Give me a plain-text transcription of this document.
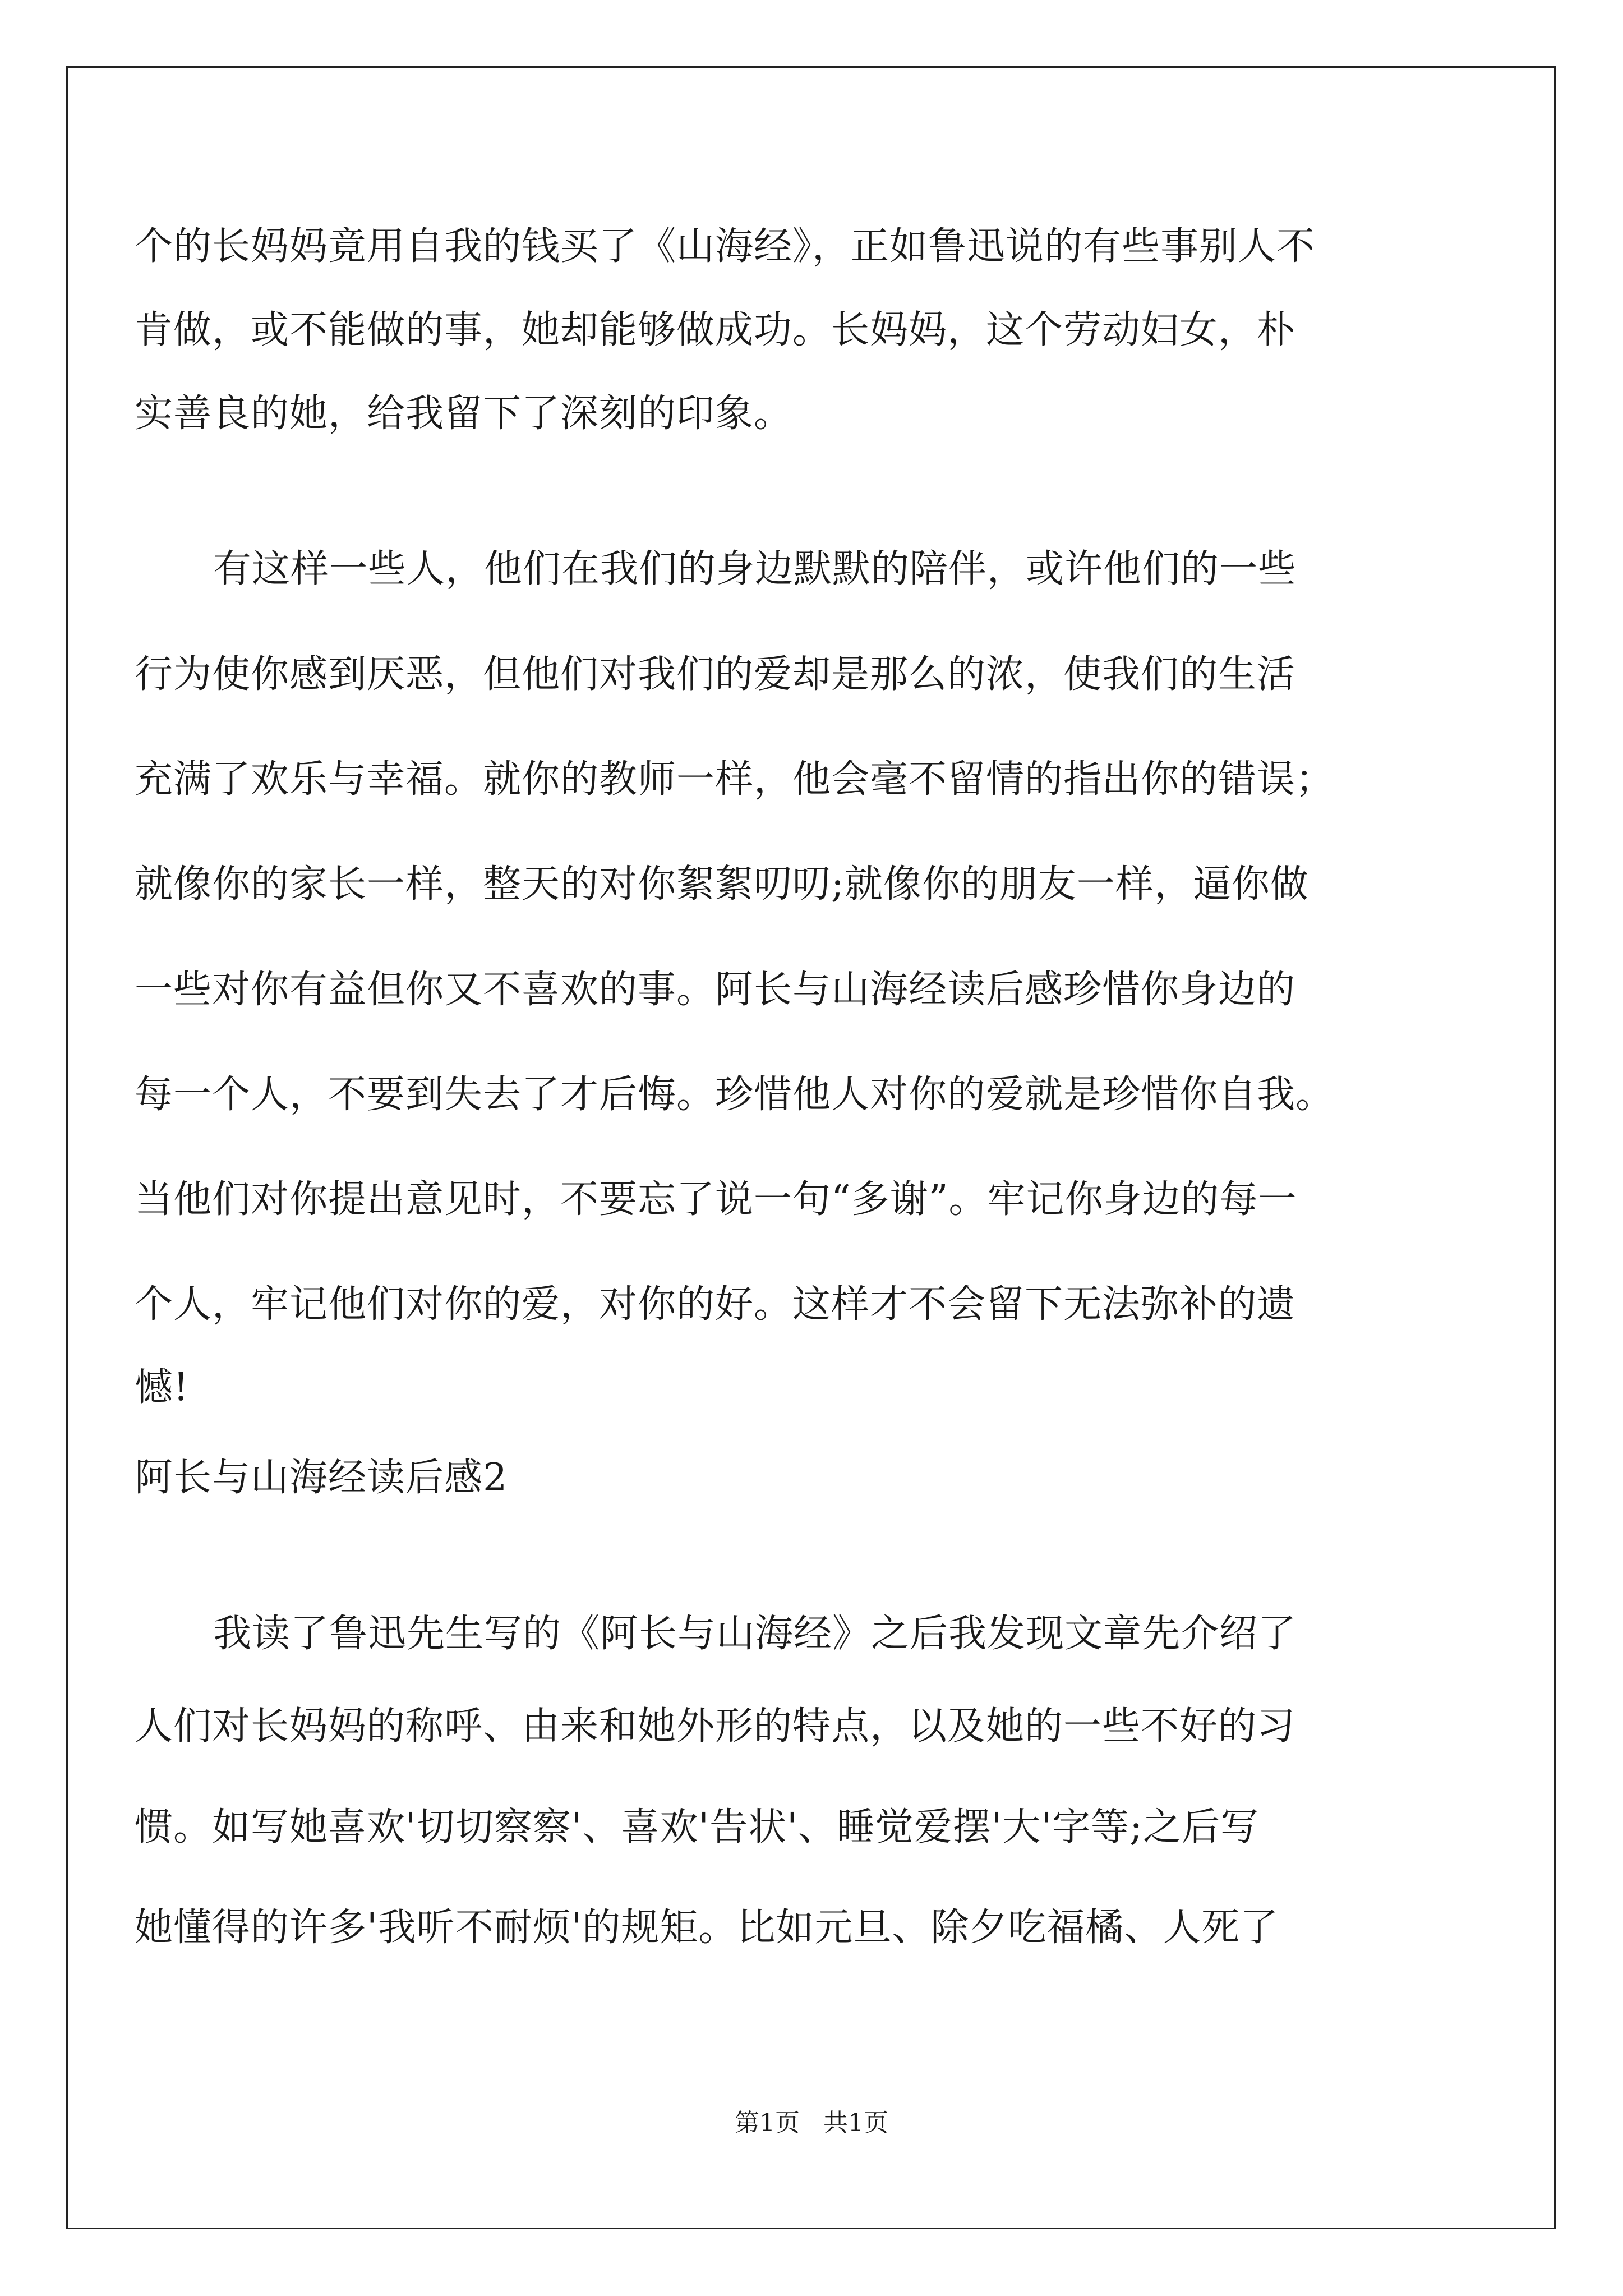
个的长妈妈竟用自我的钱买了《山海经》，正如鲁迅说的有些事别人不
肯做，或不能做的事，她却能够做成功。长妈妈，这个劳动妇女，朴
实善良的她，给我留下了深刻的印象。
有这样一些人，他们在我们的身边默默的陪伴，或许他们的一些
行为使你感到厌恶，但他们对我们的爱却是那么的浓，使我们的生活
充满了欢乐与幸福。就你的教师一样，他会毫不留情的指出你的错误；
就像你的家长一样，整天的对你絮絮叨叨;就像你的朋友一样，逼你做
一些对你有益但你又不喜欢的事。阿长与山海经读后感珍惜你身边的
每一个人，不要到失去了才后悔。珍惜他人对你的爱就是珍惜你自我。
当他们对你提出意见时，不要忘了说一句“多谢”。牢记你身边的每一
个人，牢记他们对你的爱，对你的好。这样才不会留下无法弥补的遗
憾!
阿长与山海经读后感2
我读了鲁迅先生写的《阿长与山海经》之后我发现文章先介绍了
人们对长妈妈的称呼、由来和她外形的特点，以及她的一些不好的习
惯。如写她喜欢'切切察察'、喜欢'告状'、睡觉爱摆'大'字等;之后写
她懂得的许多'我听不耐烦'的规矩。比如元旦、除夕吃福橘、人死了
第1页   共1页
